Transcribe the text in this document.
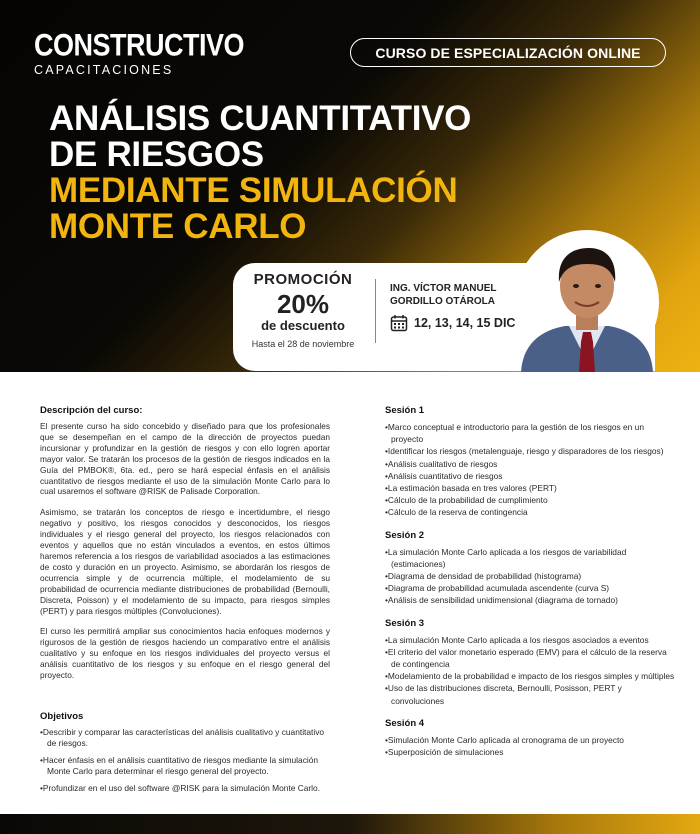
CONSTRUCTIVO
CAPACITACIONES
CURSO DE ESPECIALIZACIÓN ONLINE
ANÁLISIS CUANTITATIVO
DE RIESGOS
MEDIANTE SIMULACIÓN
MONTE CARLO
PROMOCIÓN
20%
de descuento
Hasta el 28 de noviembre
ING. VÍCTOR MANUEL
GORDILLO OTÁROLA
12, 13, 14, 15 DIC
Descripción del curso:

El presente curso ha sido concebido y diseñado para que los profesionales que se desempeñan en el campo de la dirección de proyectos puedan incursionar y profundizar en la gestión de riesgos y con ello logren aportar mayor valor. Se tratarán los procesos de la gestión de riesgos indicados en la Guía del PMBOK®, 6ta. ed., pero se hará especial énfasis en el análisis cuantitativo de riesgos mediante el uso de la simulación Monte Carlo para lo cual usaremos el software @RISK de Palisade Corporation.

Asimismo, se tratarán los conceptos de riesgo e incertidumbre, el riesgo negativo y positivo, los riesgos conocidos y desconocidos, los riesgos individuales y el riesgo general del proyecto, los riesgos relacionados con eventos y aquellos que no están vinculados a eventos, en estos últimos haremos referencia a los riesgos de variabilidad asociados a las estimaciones de costo y duración en un proyecto. Asimismo, se abordarán los riesgos de ocurrencia simple y de ocurrencia múltiple, el modelamiento de su probabilidad de ocurrencia mediante distribuciones de probabilidad (Bernoulli, Discreta, Poisson) y el modelamiento de su impacto, para riesgos simples (PERT) y para riesgos múltiples (Convoluciones).

El curso les permitirá ampliar sus conocimientos hacia enfoques modernos y rigurosos de la gestión de riesgos haciendo un comparativo entre el análisis cualitativo y su enfoque en los riesgos individuales del proyecto versus el análisis cuantitativo de los riesgos y su enfoque en el riesgo general del proyecto.

Objetivos
•Describir y comparar las características del análisis cualitativo y cuantitativo de riesgos.
•Hacer énfasis en el análisis cuantitativo de riesgos mediante la simulación Monte Carlo para determinar el riesgo general del proyecto.
•Profundizar en el uso del software @RISK para la simulación Monte Carlo.
Sesión 1
•Marco conceptual e introductorio para la gestión de los riesgos en un proyecto
•Identificar los riesgos (metalenguaje, riesgo y disparadores de los riesgos)
•Análisis cualitativo de riesgos
•Análisis cuantitativo de riesgos
•La estimación basada en tres valores (PERT)
•Cálculo de la probabilidad de cumplimiento
•Cálculo de la reserva de contingencia
Sesión 2
•La simulación Monte Carlo aplicada a los riesgos de variabilidad (estimaciones)
•Diagrama de densidad de probabilidad (histograma)
•Diagrama de probabilidad acumulada ascendente (curva S)
•Análisis de sensibilidad unidimensional (diagrama de tornado)
Sesión 3
•La simulación Monte Carlo aplicada a los riesgos asociados a eventos
•El criterio del valor monetario esperado (EMV) para el cálculo de la reserva de contingencia
•Modelamiento de la probabilidad e impacto de los riesgos simples y múltiples
•Uso de las distribuciones discreta, Bernoulli, Posisson, PERT y convoluciones
Sesión 4
•Simulación Monte Carlo aplicada al cronograma de un proyecto
•Superposición de simulaciones
